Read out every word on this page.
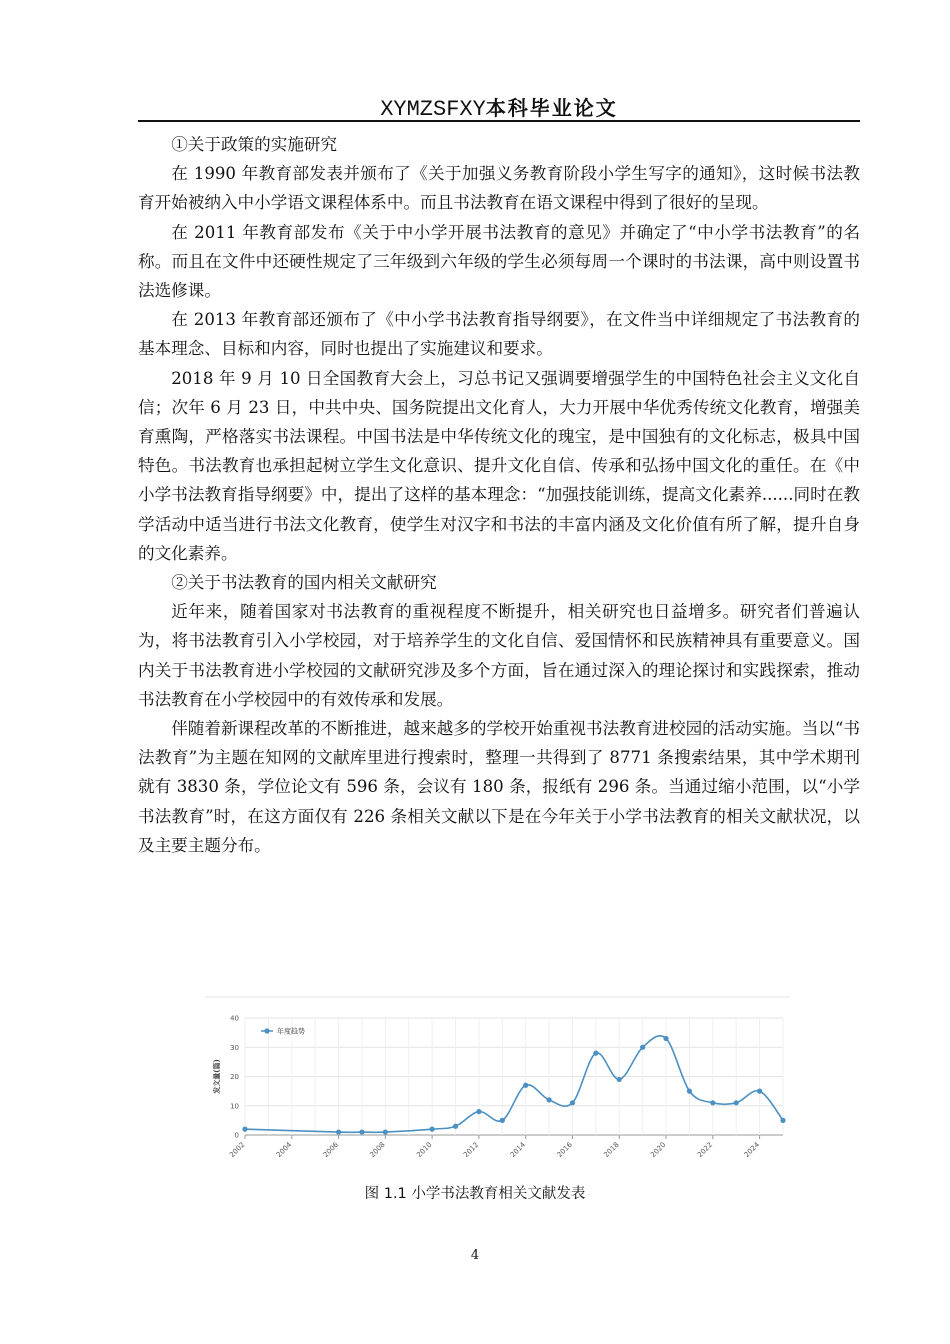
XYMZSFXY本科毕业论文

①关于政策的实施研究

在 1990 年教育部发表并颁布了《关于加强义务教育阶段小学生写字的通知》，这时候书法教育开始被纳入中小学语文课程体系中。而且书法教育在语文课程中得到了很好的呈现。

在 2011 年教育部发布《关于中小学开展书法教育的意见》并确定了“中小学书法教育”的名称。而且在文件中还硬性规定了三年级到六年级的学生必须每周一个课时的书法课，高中则设置书法选修课。

在 2013 年教育部还颁布了《中小学书法教育指导纲要》，在文件当中详细规定了书法教育的基本理念、目标和内容，同时也提出了实施建议和要求。

2018 年 9 月 10 日全国教育大会上，习总书记又强调要增强学生的中国特色社会主义文化自信；次年 6 月 23 日，中共中央、国务院提出文化育人，大力开展中华优秀传统文化教育，增强美育熏陶，严格落实书法课程。中国书法是中华传统文化的瑰宝，是中国独有的文化标志，极具中国特色。书法教育也承担起树立学生文化意识、提升文化自信、传承和弘扬中国文化的重任。在《中小学书法教育指导纲要》中，提出了这样的基本理念：“加强技能训练，提高文化素养......同时在教学活动中适当进行书法文化教育，使学生对汉字和书法的丰富内涵及文化价值有所了解，提升自身的文化素养。

②关于书法教育的国内相关文献研究

近年来，随着国家对书法教育的重视程度不断提升，相关研究也日益增多。研究者们普遍认为，将书法教育引入小学校园，对于培养学生的文化自信、爱国情怀和民族精神具有重要意义。国内关于书法教育进小学校园的文献研究涉及多个方面，旨在通过深入的理论探讨和实践探索，推动书法教育在小学校园中的有效传承和发展。

伴随着新课程改革的不断推进，越来越多的学校开始重视书法教育进校园的活动实施。当以“书法教育”为主题在知网的文献库里进行搜索时，整理一共得到了 8771 条搜索结果，其中学术期刊就有 3830 条，学位论文有 596 条，会议有 180 条，报纸有 296 条。当通过缩小范围，以“小学书法教育”时，在这方面仅有 226 条相关文献以下是在今年关于小学书法教育的相关文献状况，以及主要主题分布。

0
10
20
30
40
2002	2004	2006	2008	2010	2012	2014	2016	2018	2020	2022	2024
发文量(篇)
年度趋势
图 1.1 小学书法教育相关文献发表
4
